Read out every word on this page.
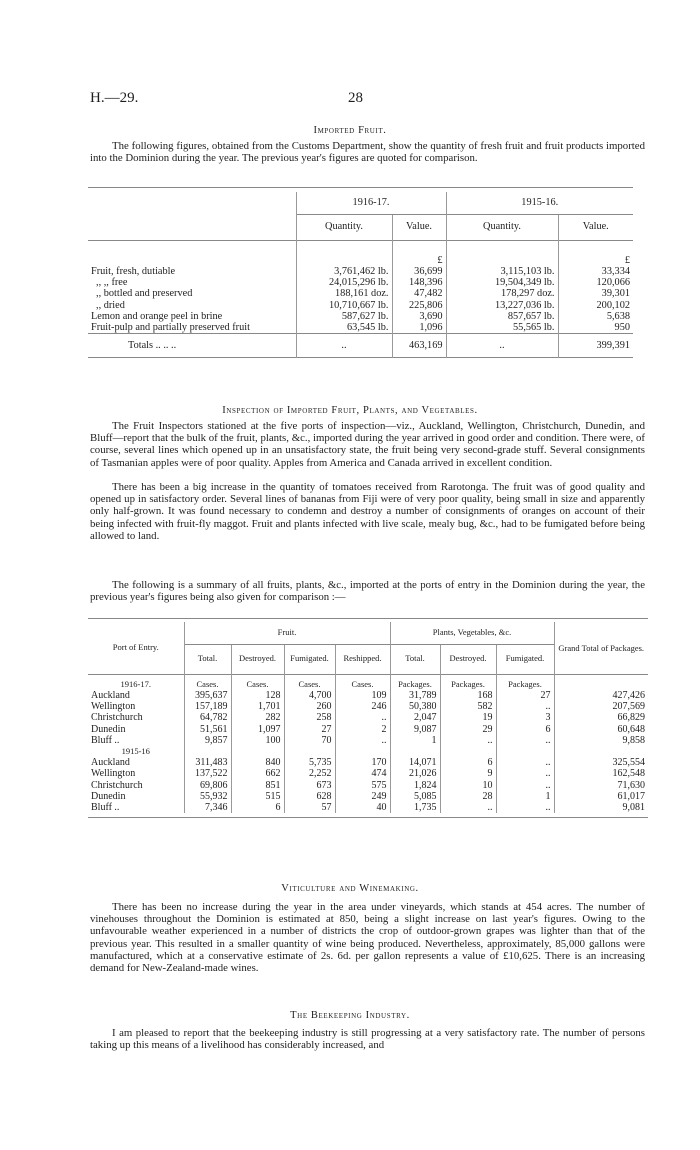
H.—29.	28
Imported Fruit.

The following figures, obtained from the Customs Department, show the quantity of fresh fruit and fruit products imported into the Dominion during the year. The previous year's figures are quoted for comparison.

	1916-17.		1915-16.	
	Quantity.	Value.	Quantity.	Value.
		£		£
Fruit, fresh, dutiable	3,761,462 lb.	36,699	3,115,103 lb.	33,334
,, ,, free	24,015,296 lb.	148,396	19,504,349 lb.	120,066
,, bottled and preserved	188,161 doz.	47,482	178,297 doz.	39,301
,, dried	10,710,667 lb.	225,806	13,227,036 lb.	200,102
Lemon and orange peel in brine	587,627 lb.	3,690	857,657 lb.	5,638
Fruit-pulp and partially preserved fruit	63,545 lb.	1,096	55,565 lb.	950
Totals .. .. ..	..	463,169	..	399,391
Inspection of Imported Fruit, Plants, and Vegetables.

The Fruit Inspectors stationed at the five ports of inspection—viz., Auckland, Wellington, Christchurch, Dunedin, and Bluff—report that the bulk of the fruit, plants, &c., imported during the year arrived in good order and condition. There were, of course, several lines which opened up in an unsatisfactory state, the fruit being very second-grade stuff. Several consignments of Tasmanian apples were of poor quality. Apples from America and Canada arrived in excellent condition.

There has been a big increase in the quantity of tomatoes received from Rarotonga. The fruit was of good quality and opened up in satisfactory order. Several lines of bananas from Fiji were of very poor quality, being small in size and apparently only half-grown. It was found necessary to condemn and destroy a number of consignments of oranges on account of their being infected with fruit-fly maggot. Fruit and plants infected with live scale, mealy bug, &c., had to be fumigated before being allowed to land.

The following is a summary of all fruits, plants, &c., imported at the ports of entry in the Dominion during the year, the previous year's figures being also given for comparison :—

Port of Entry.	Fruit.				Plants, Vegetables, &c.			Grand Total of Packages.
	Total.	Destroyed.	Fumigated.	Reshipped.	Total.	Destroyed.	Fumigated.	
1916-17.	Cases.	Cases.	Cases.	Cases.	Packages.	Packages.	Packages.	
Auckland	395,637	128	4,700	109	31,789	168	27	427,426
Wellington	157,189	1,701	260	246	50,380	582	..	207,569
Christchurch	64,782	282	258	..	2,047	19	3	66,829
Dunedin	51,561	1,097	27	2	9,087	29	6	60,648
Bluff ..	9,857	100	70	..	1	..	..	9,858
1915-16								
Auckland	311,483	840	5,735	170	14,071	6	..	325,554
Wellington	137,522	662	2,252	474	21,026	9	..	162,548
Christchurch	69,806	851	673	575	1,824	10	..	71,630
Dunedin	55,932	515	628	249	5,085	28	1	61,017
Bluff ..	7,346	6	57	40	1,735	..	..	9,081

Viticulture and Winemaking.

There has been no increase during the year in the area under vineyards, which stands at 454 acres. The number of vinehouses throughout the Dominion is estimated at 850, being a slight increase on last year's figures. Owing to the unfavourable weather experienced in a number of districts the crop of outdoor-grown grapes was lighter than that of the previous year. This resulted in a smaller quantity of wine being produced. Nevertheless, approximately, 85,000 gallons were manufactured, which at a conservative estimate of 2s. 6d. per gallon represents a value of £10,625. There is an increasing demand for New-Zealand-made wines.

The Beekeeping Industry.

I am pleased to report that the beekeeping industry is still progressing at a very satisfactory rate. The number of persons taking up this means of a livelihood has considerably increased, and
